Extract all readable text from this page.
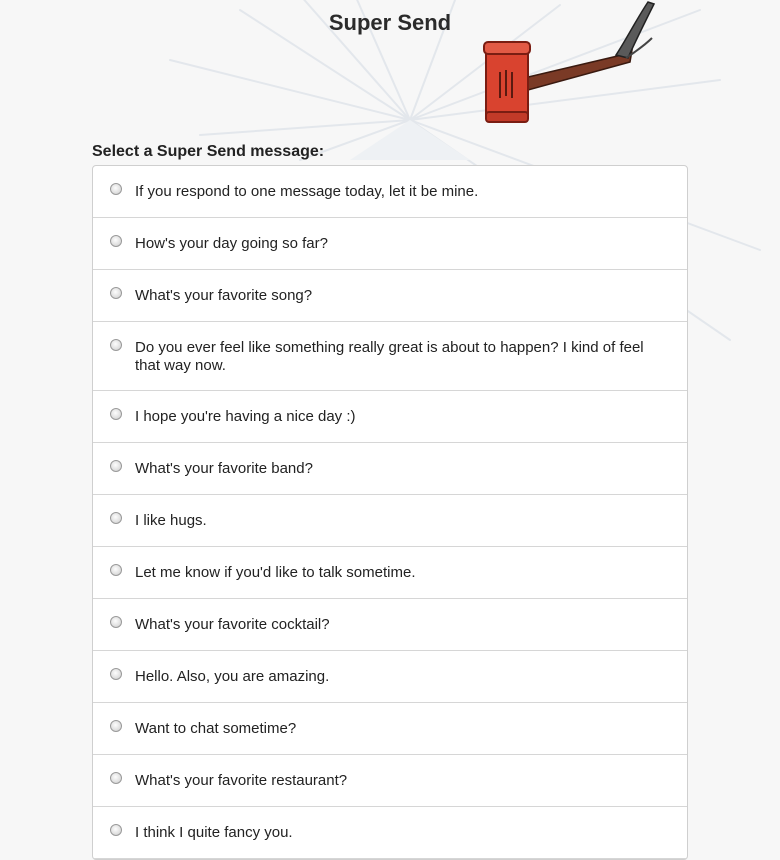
Super Send
Select a Super Send message:
If you respond to one message today, let it be mine.
How's your day going so far?
What's your favorite song?
Do you ever feel like something really great is about to happen? I kind of feel that way now.
I hope you're having a nice day :)
What's your favorite band?
I like hugs.
Let me know if you'd like to talk sometime.
What's your favorite cocktail?
Hello. Also, you are amazing.
Want to chat sometime?
What's your favorite restaurant?
I think I quite fancy you.
